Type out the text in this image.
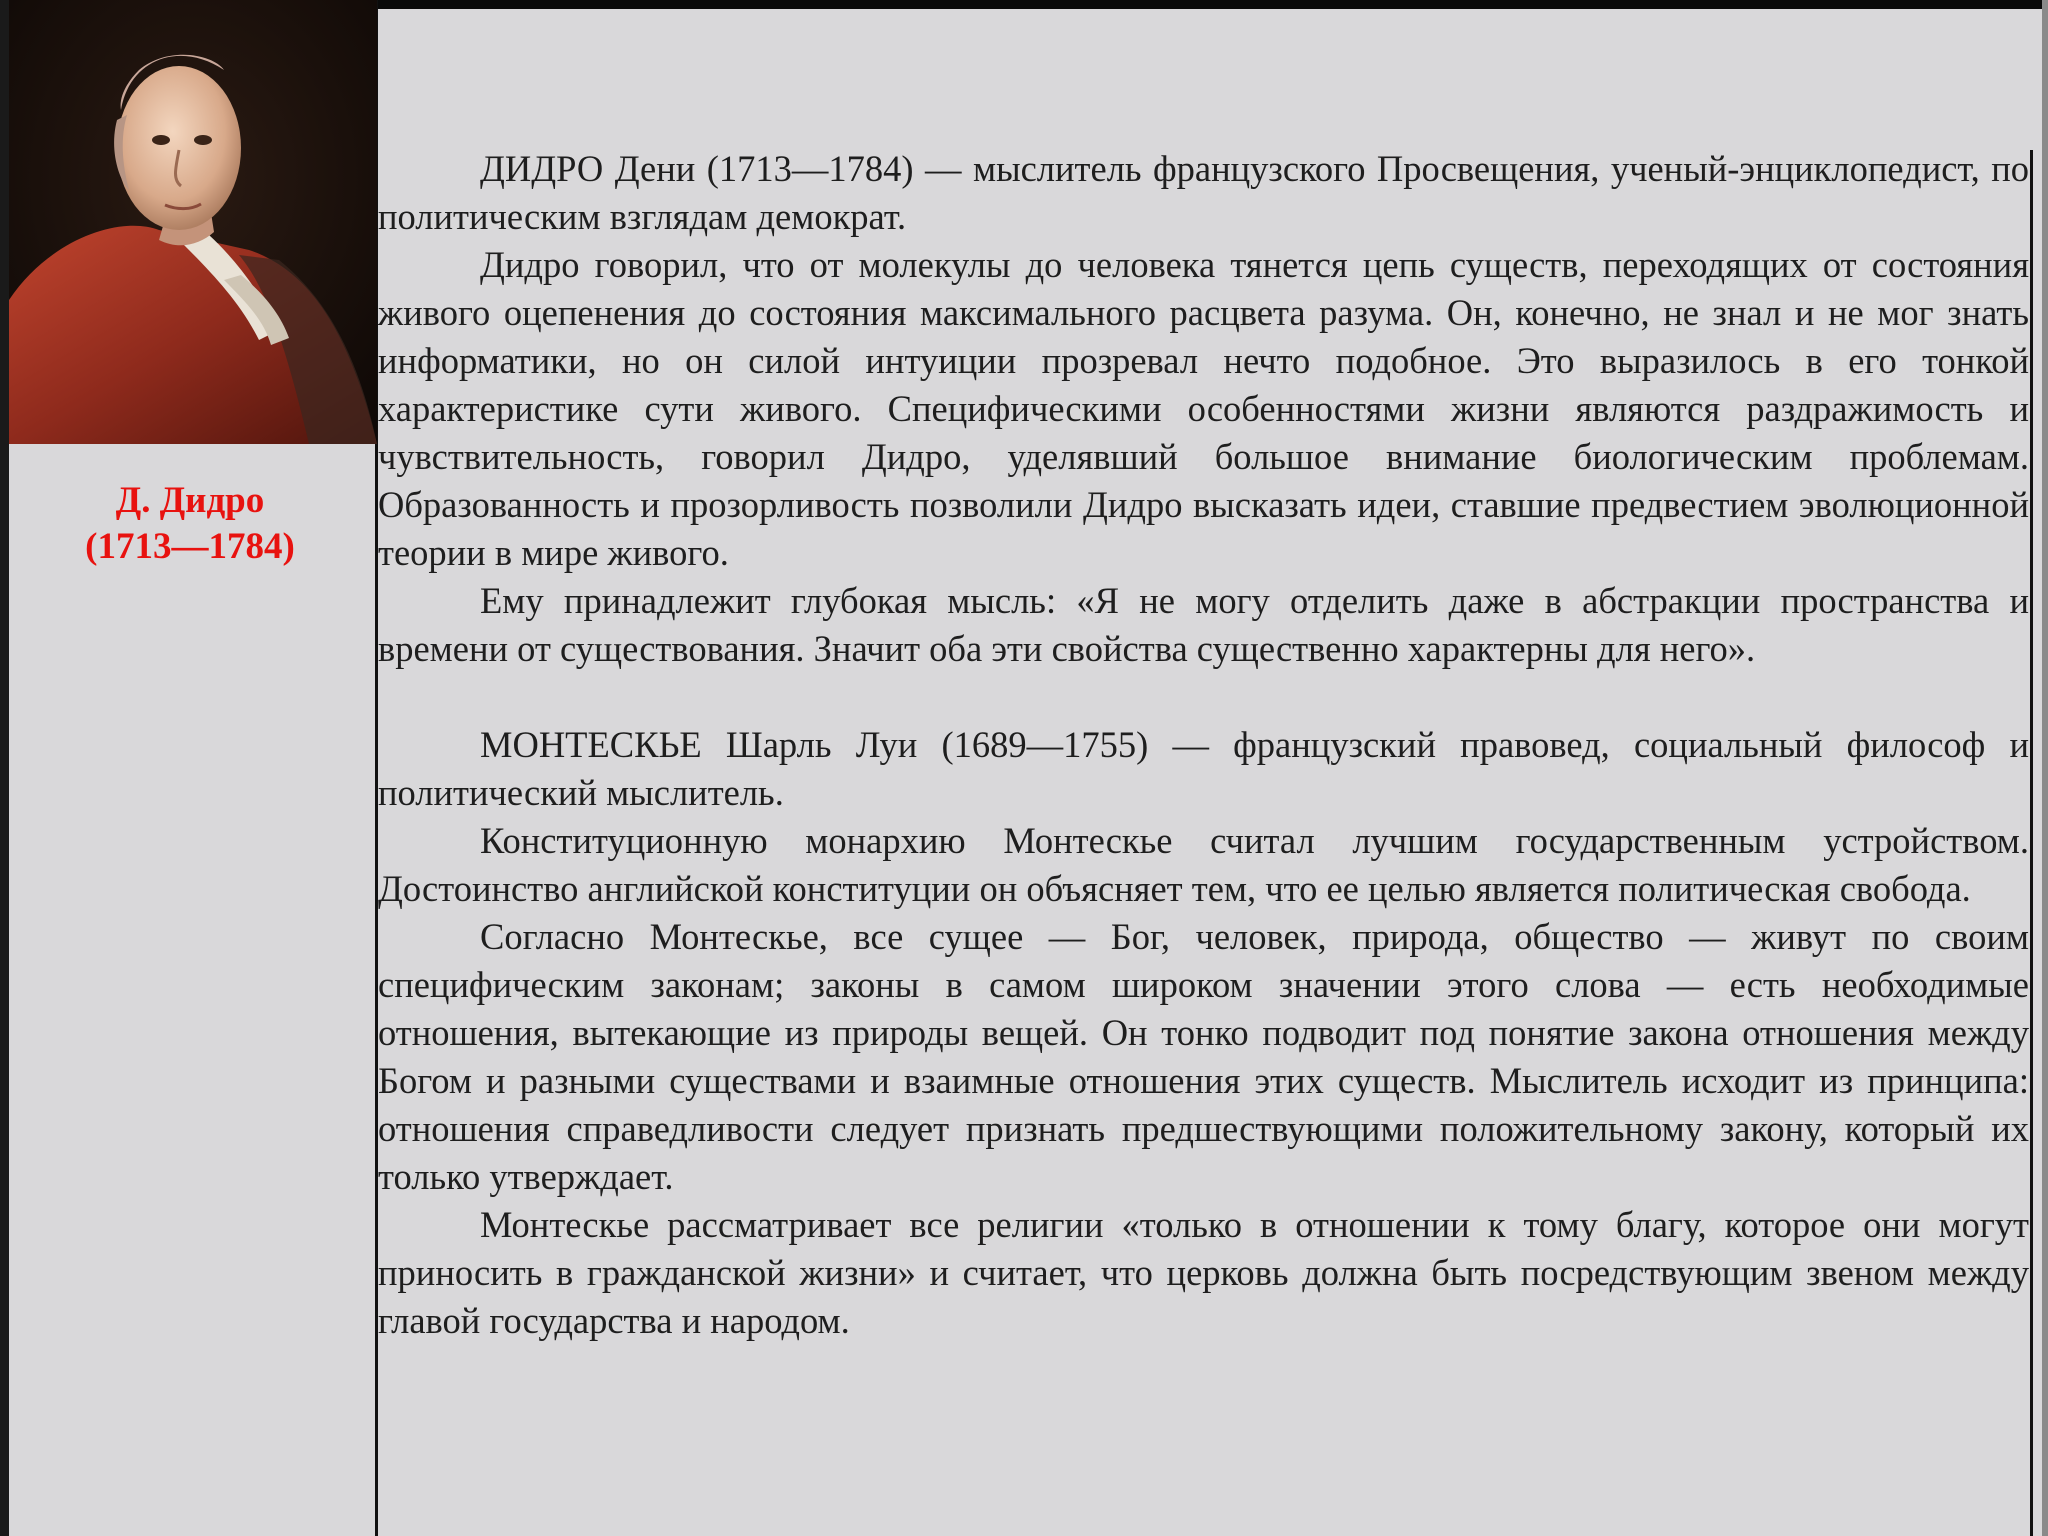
Д. Дидро
(1713—1784)

ДИДРО Дени (1713—1784) — мыслитель французского Просвещения, ученый-энциклопедист, по политическим взглядам демократ.

Дидро говорил, что от молекулы до человека тянется цепь существ, переходящих от состояния живого оцепенения до состояния максимального расцвета разума. Он, конечно, не знал и не мог знать информатики, но он силой интуиции прозревал нечто подобное. Это выразилось в его тонкой характеристике сути живого. Специфическими особенностями жизни являются раздражимость и чувствительность, говорил Дидро, уделявший большое внимание биологическим проблемам. Образованность и прозорливость позволили Дидро высказать идеи, ставшие предвестием эволюционной теории в мире живого.

Ему принадлежит глубокая мысль: «Я не могу отделить даже в абстракции пространства и времени от существования. Значит оба эти свойства существенно характерны для него».

МОНТЕСКЬЕ Шарль Луи (1689—1755) — французский правовед, социальный философ и политический мыслитель.

Конституционную монархию Монтескье считал лучшим государственным устройством. Достоинство английской конституции он объясняет тем, что ее целью является политическая свобода.

Согласно Монтескье, все сущее — Бог, человек, природа, общество — живут по своим специфическим законам; законы в самом широком значении этого слова — есть необходимые отношения, вытекающие из природы вещей. Он тонко подводит под понятие закона отношения между Богом и разными существами и взаимные отношения этих существ. Мыслитель исходит из принципа: отношения справедливости следует признать предшествующими положительному закону, который их только утверждает.

Монтескье рассматривает все религии «только в отношении к тому благу, которое они могут приносить в гражданской жизни» и считает, что церковь должна быть посредствующим звеном между главой государства и народом.
